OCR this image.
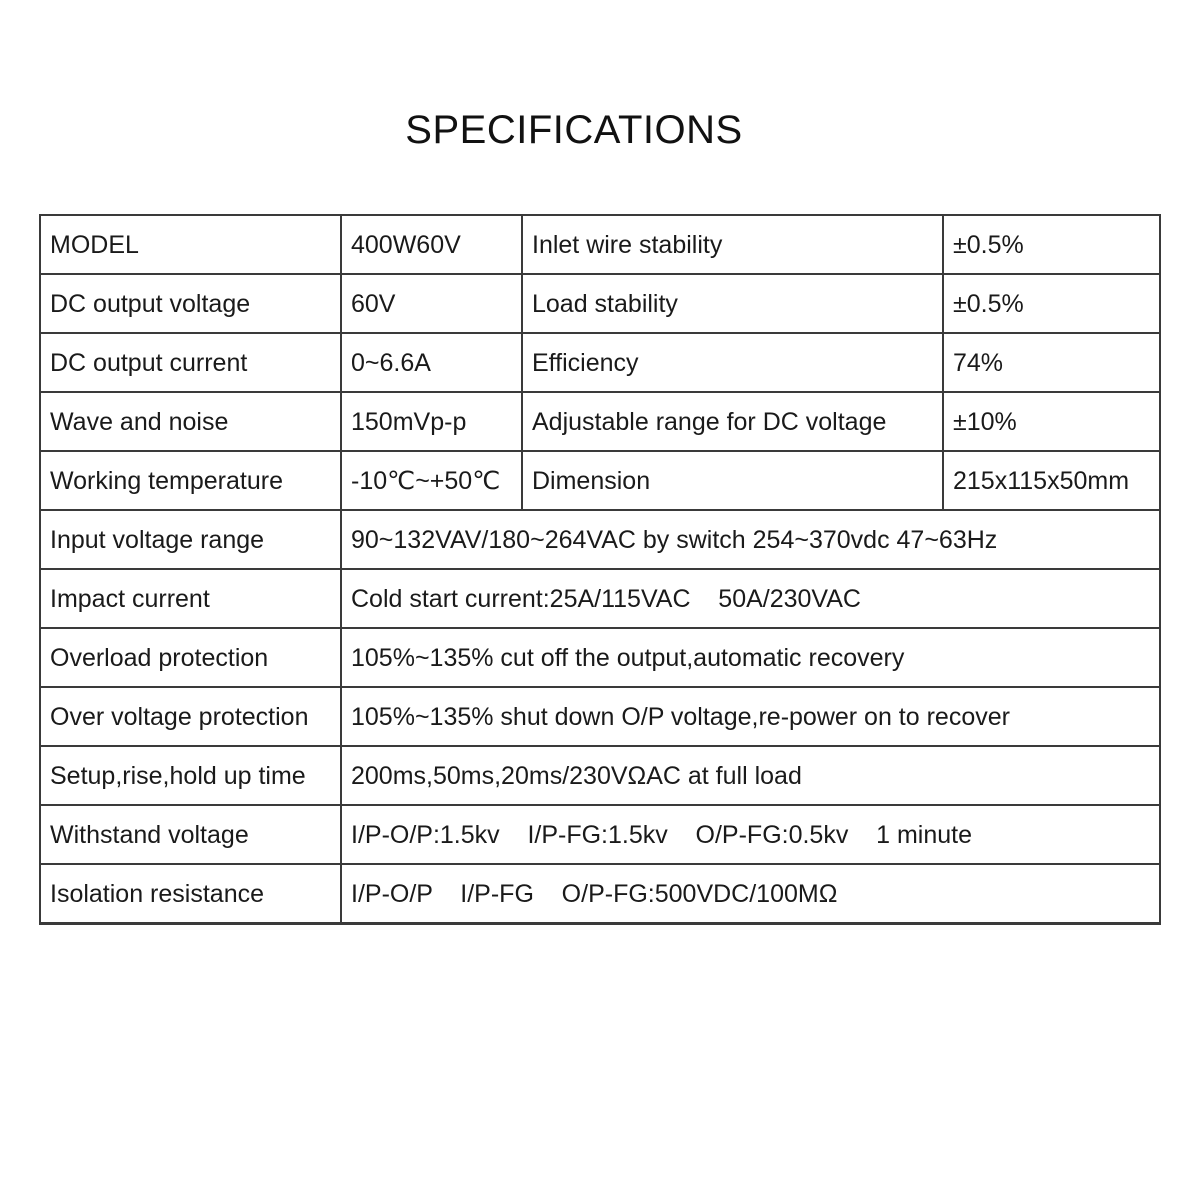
SPECIFICATIONS
MODEL	400W60V	Inlet wire stability	±0.5%
DC output voltage	60V	Load stability	±0.5%
DC output current	0~6.6A	Efficiency	74%
Wave and noise	150mVp-p	Adjustable range for DC voltage	±10%
Working temperature	-10℃~+50℃	Dimension	215x115x50mm
Input voltage range	90~132VAV/180~264VAC by switch 254~370vdc 47~63Hz		
Impact current	Cold start current:25A/115VAC    50A/230VAC		
Overload protection	105%~135% cut off the output,automatic recovery		
Over voltage protection	105%~135% shut down O/P voltage,re-power on to recover		
Setup,rise,hold up time	200ms,50ms,20ms/230VΩAC at full load		
Withstand voltage	I/P-O/P:1.5kv    I/P-FG:1.5kv    O/P-FG:0.5kv    1 minute		
Isolation resistance	I/P-O/P    I/P-FG    O/P-FG:500VDC/100MΩ		
